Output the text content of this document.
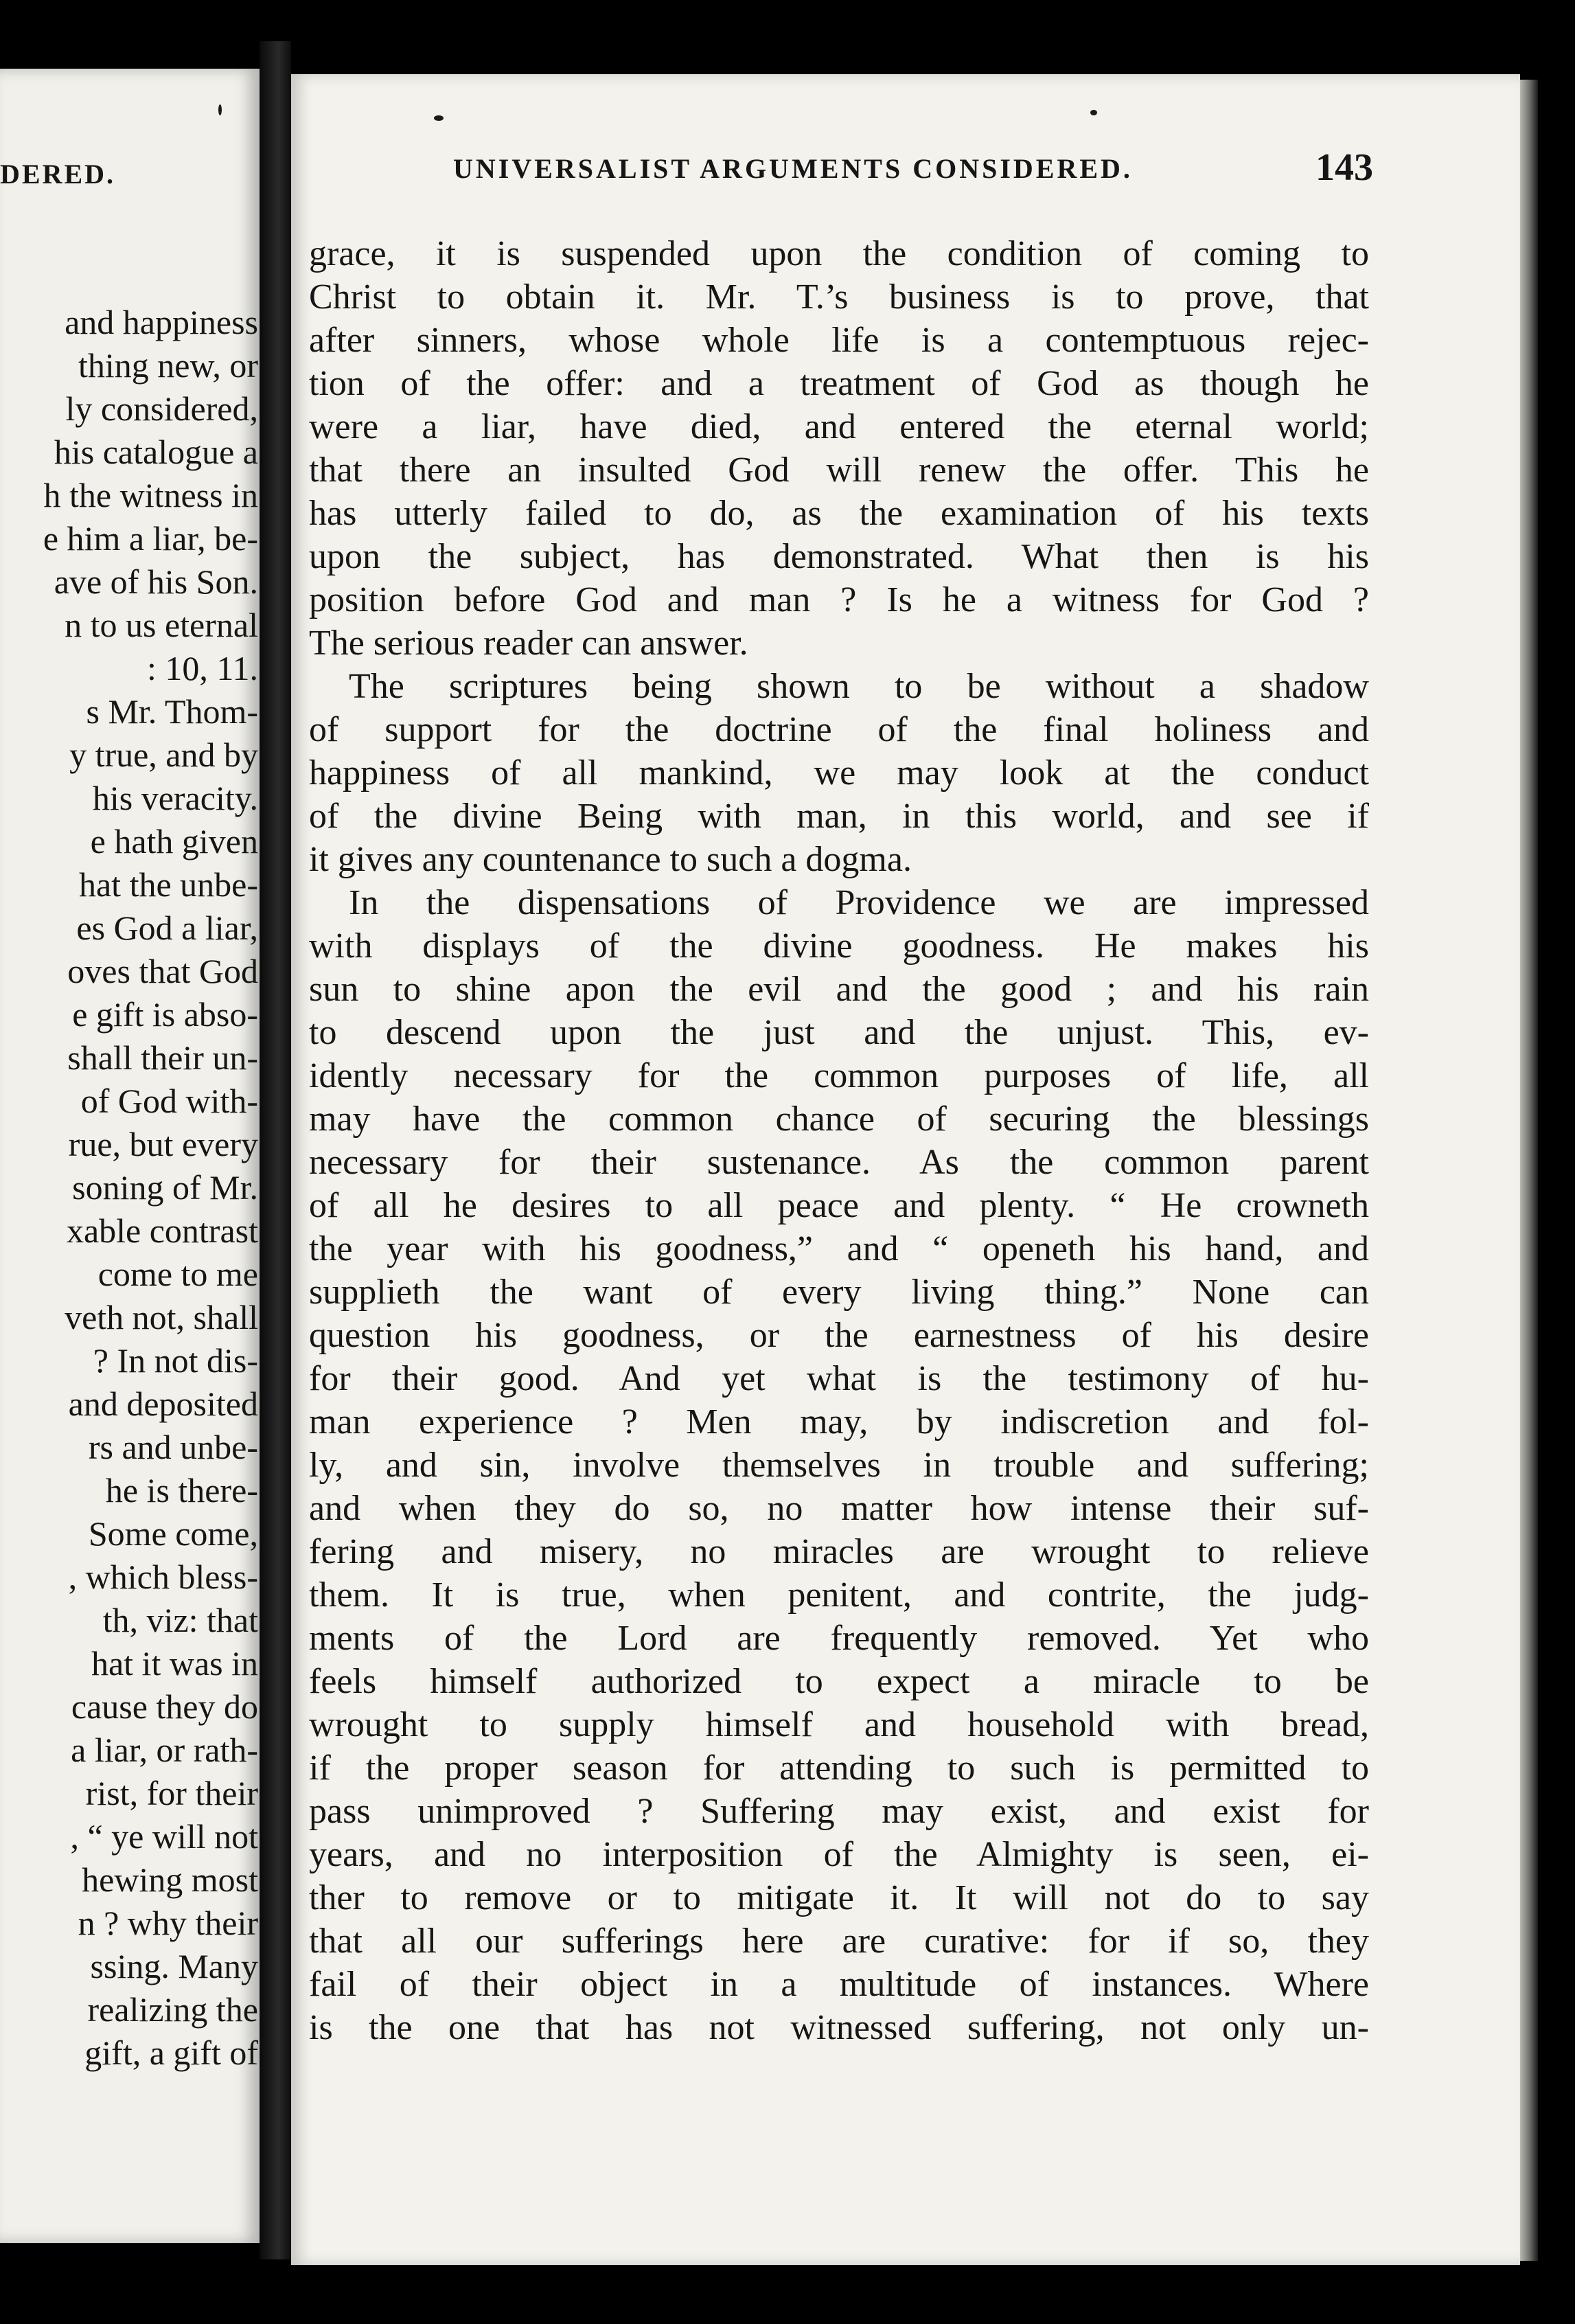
DERED.
and happiness
thing new, or
ly considered,
his catalogue a
h the witness in
e him a liar, be-
ave of his Son.
n to us eternal
: 10, 11.
s Mr. Thom-
y true, and by
his veracity.
e hath given
hat the unbe-
es God a liar,
oves that God
e gift is abso-
shall their un-
of God with-
rue, but every
soning of Mr.
xable contrast
come to me
veth not, shall
? In not dis-
and deposited
rs and unbe-
he is there-
Some come,
, which bless-
th, viz: that
hat it was in
cause they do
a liar, or rath-
rist, for their
, “ ye will not
hewing most
n ? why their
ssing. Many
realizing the
gift, a gift of
UNIVERSALIST ARGUMENTS CONSIDERED.	143
grace, it is suspended upon the condition of coming to
Christ to obtain it. Mr. T.’s business is to prove, that
after sinners, whose whole life is a contemptuous rejec-
tion of the offer: and a treatment of God as though he
were a liar, have died, and entered the eternal world;
that there an insulted God will renew the offer. This he
has utterly failed to do, as the examination of his texts
upon the subject, has demonstrated. What then is his
position before God and man ? Is he a witness for God ?
The serious reader can answer.
The scriptures being shown to be without a shadow
of support for the doctrine of the final holiness and
happiness of all mankind, we may look at the conduct
of the divine Being with man, in this world, and see if
it gives any countenance to such a dogma.
In the dispensations of Providence we are impressed
with displays of the divine goodness. He makes his
sun to shine apon the evil and the good ; and his rain
to descend upon the just and the unjust. This, ev-
idently necessary for the common purposes of life, all
may have the common chance of securing the blessings
necessary for their sustenance. As the common parent
of all he desires to all peace and plenty. “ He crowneth
the year with his goodness,” and “ openeth his hand, and
supplieth the want of every living thing.” None can
question his goodness, or the earnestness of his desire
for their good. And yet what is the testimony of hu-
man experience ? Men may, by indiscretion and fol-
ly, and sin, involve themselves in trouble and suffering;
and when they do so, no matter how intense their suf-
fering and misery, no miracles are wrought to relieve
them. It is true, when penitent, and contrite, the judg-
ments of the Lord are frequently removed. Yet who
feels himself authorized to expect a miracle to be
wrought to supply himself and household with bread,
if the proper season for attending to such is permitted to
pass unimproved ? Suffering may exist, and exist for
years, and no interposition of the Almighty is seen, ei-
ther to remove or to mitigate it. It will not do to say
that all our sufferings here are curative: for if so, they
fail of their object in a multitude of instances. Where
is the one that has not witnessed suffering, not only un-
